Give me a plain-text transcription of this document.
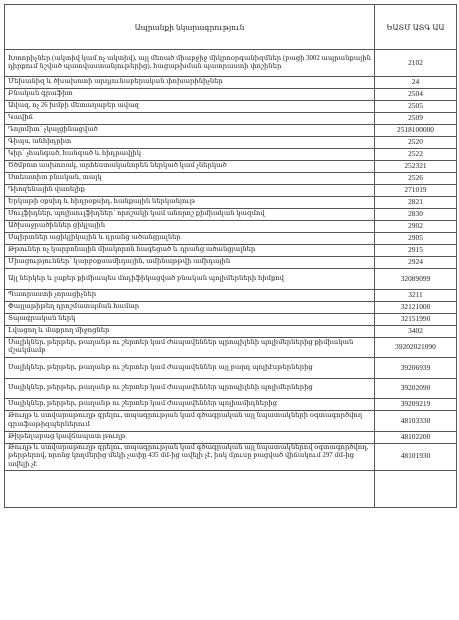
Ապրանքի նկարագրություն	ԵԱՏՄ ԱՏԳ ԱԱ
Խտորիչներ (ակտիվ կամ ոչ ակտիվ), այլ մեռած միաբջիջ միկրոօրգանիզմներ (բացի 3002 ապրանքային դիրքում նշված պատվաստանյութերից), հացաթխման պատրաստի փոշիներ	2102
Մեխանիզ և ծխախոտի արդյունաբերական փոխարինիչներ	24
Բնական գրաֆիտ	2504
Ավազ, ոչ 26 խմբի մետաղաբեր ավազ	2505
Կավիճ	2509
Դոլոմիտ՝ չկալցինացված	2518100000
Գիպս, անհիդրիտ	2520
Կիր՝ չհանգած, հանգած և հիդրավլիկ	2522
Ծծմբոտ ասխոռակ, արհեստականորեն ներկած կամ չներկած	252321
Ստեատիտ բնական, տալկ	2526
Դիոզենային վառելիք	271019
Երկաթի օքսիդ և հիդրօքսիդ, հանքային ներկանյութ	2821
Սուլֆիդներ, պոլիսուլֆիդներ՝ որոշակի կամ անորոշ քիմիական կազմով	2830
Ածխաջրածիններ ցիկլային	2902
Սպիրտներ ացիկլիկային և դրանց ածանցյալներ	2905
Թթուներ ոչ կարբոնային միակորոն հագեցած և դրանց ածանցյալներ	2915
Միացություններ՝ կարբօքսամիդային, ամինաթթվի ամիդային	2924
Այլ ներկեր և լաքեր քիմիապես մոդիֆիկացված բնական պոլիմերների հիմքով	32089099
Պատրաստի չորացիչներ	3211
Փայլաթիթեղ դրոշմատպման համար	32121000
Տպագրական ներկ	32151990
Լվացող և մաքրող միջոցներ	3402
Սալիկներ, թերթեր, թաղանթ ու շերտեր կամ ժապավեններ պրոպիլենի պոլիմերներից քիմիական մշակմամբ	39202021090
Սալիկներ, թերթեր, թաղանթ ու շերտեր կամ ժապավեններ այլ բարդ պոլիէսթերներից	39206939
Սալիկներ, թերթեր, թաղանթ ու շերտեր կամ ժապավեններ պրոպիլենի պոլիմերներից	39202090
Սալիկներ, թերթեր, թաղանթ ու շերտեր կամ ժապավեններ պոլիամիդներից	39209219
Թուղթ և ստվարաթուղթ գրելու, տպագրության կամ գծագրական այլ նպատակների օգտագործվող գրաֆաթիզպերներում	48103330
Թիթեղաբաց կավճապատ թուղթ	48102200
Թուղթ և ստվարաթուղթ գրելու, տպագրության կամ գծագրական այլ նպատակներով օգտագործվող, թերթերով, որոնց կողմերից մեկի չափը 435 մմ-ից ավելի չէ, իսկ մյուսը բացված վիճակում 297 մմ-ից ավելի չէ	48101930
